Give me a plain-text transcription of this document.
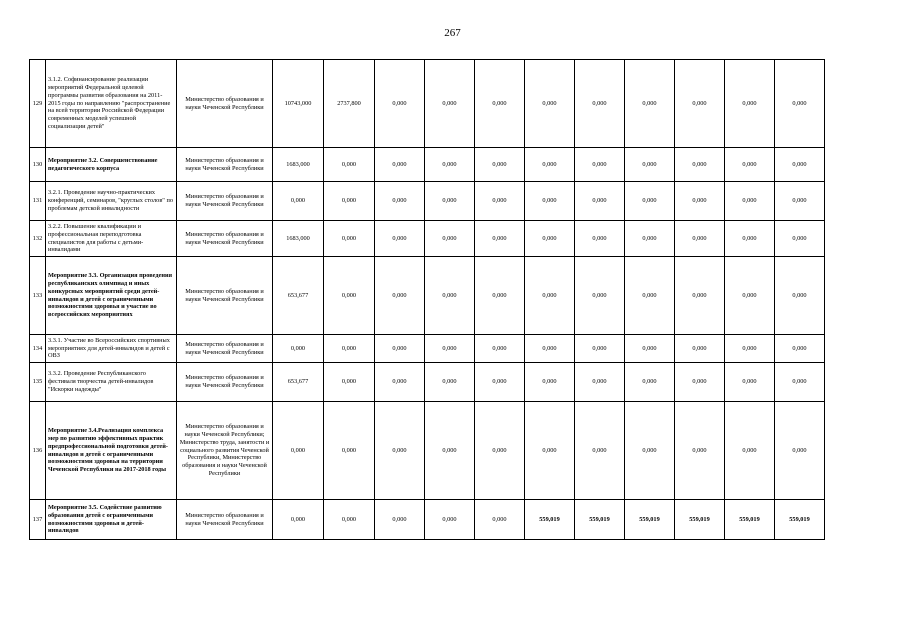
267
129	3.1.2. Софинансирование реализации мероприятий Федеральной целевой программы развития образования на 2011-2015 годы по направлению "распространение на всей территории Российской Федерации современных моделей успешной социализации детей"	Министерство образования и науки Чеченской Республики	10743,000	2737,800	0,000	0,000	0,000	0,000	0,000	0,000	0,000	0,000	0,000
130	Мероприятие 3.2. Совершенствование педагогического корпуса	Министерство образования и науки Чеченской Республики	1683,000	0,000	0,000	0,000	0,000	0,000	0,000	0,000	0,000	0,000	0,000
131	3.2.1. Проведение научно-практических конференций, семинаров, "круглых столов" по проблемам детской инвалидности	Министерство образования и науки Чеченской Республики	0,000	0,000	0,000	0,000	0,000	0,000	0,000	0,000	0,000	0,000	0,000
132	3.2.2. Повышение квалификации и профессиональная переподготовка специалистов для работы с детьми-инвалидами	Министерство образования и науки Чеченской Республики	1683,000	0,000	0,000	0,000	0,000	0,000	0,000	0,000	0,000	0,000	0,000
133	Мероприятие 3.3. Организация проведения республиканских олимпиад и иных конкурсных мероприятий среди детей-инвалидов и детей с ограниченными возможностями здоровья и участие во всероссийских мероприятиях	Министерство образования и науки Чеченской Республики	653,677	0,000	0,000	0,000	0,000	0,000	0,000	0,000	0,000	0,000	0,000
134	3.3.1. Участие во Всероссийских спортивных мероприятиях для детей-инвалидов и детей с ОВЗ	Министерство образования и науки Чеченской Республики	0,000	0,000	0,000	0,000	0,000	0,000	0,000	0,000	0,000	0,000	0,000
135	3.3.2. Проведение Республиканского фестиваля творчества детей-инвалидов "Искорки надежды"	Министерство образования и науки Чеченской Республики	653,677	0,000	0,000	0,000	0,000	0,000	0,000	0,000	0,000	0,000	0,000
136	Мероприятие 3.4.Реализация комплекса мер по развитию эффективных практик предпрофессиональной подготовки детей-инвалидов и детей с ограниченными возможностями здоровья на территории Чеченской Республики на 2017-2018 годы	Министерство образования и науки Чеченской Республики; Министерство труда, занятости и социального развития Чеченской Республики, Министерство образования и науки Чеченской Республики	0,000	0,000	0,000	0,000	0,000	0,000	0,000	0,000	0,000	0,000	0,000
137	Мероприятие 3.5. Содействие развитию образования детей с ограниченными возможностями здоровья и детей-инвалидов	Министерство образования и науки Чеченской Республики	0,000	0,000	0,000	0,000	0,000	559,019	559,019	559,019	559,019	559,019	559,019
